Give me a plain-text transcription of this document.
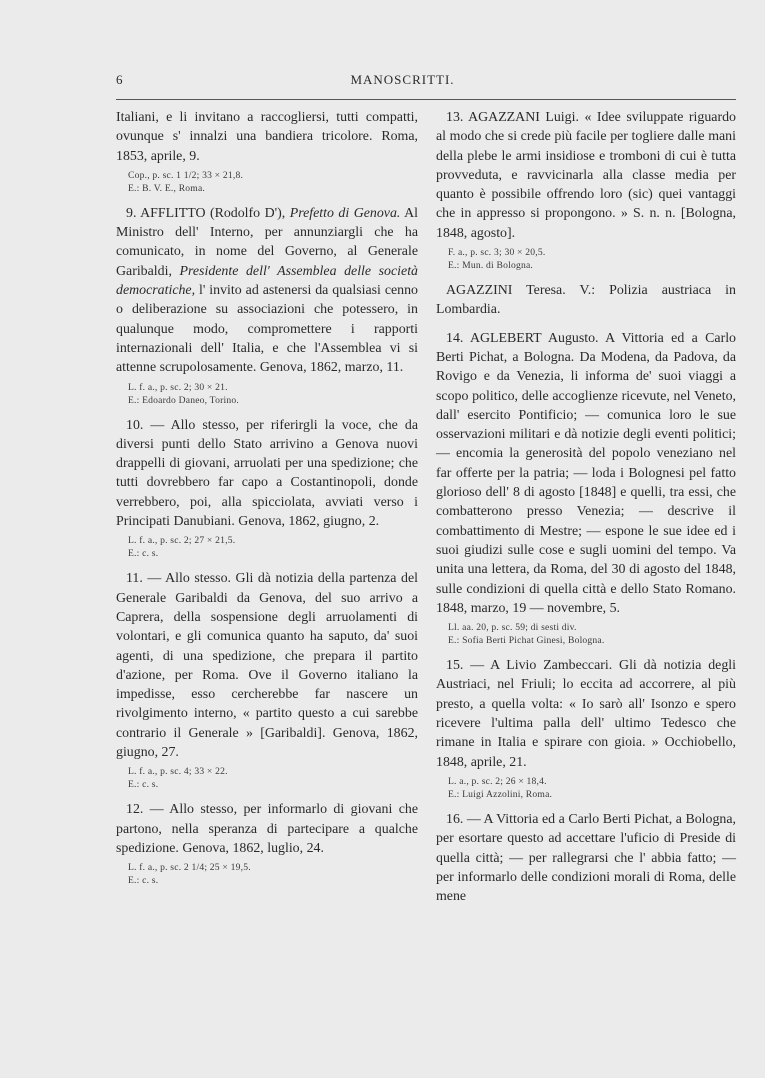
6	MANOSCRITTI.

Italiani, e li invitano a raccogliersi, tutti compatti, ovunque s' innalzi una bandiera tricolore. Roma, 1853, aprile, 9.

Cop., p. sc. 1 1/2; 33 × 21,8.
E.: B. V. E., Roma.

9. AFFLITTO (Rodolfo D'), Prefetto di Genova. Al Ministro dell' Interno, per annunziargli che ha comunicato, in nome del Governo, al Generale Garibaldi, Presidente dell' Assemblea delle società democratiche, l' invito ad astenersi da qualsiasi cenno o deliberazione su associazioni che potessero, in qualunque modo, compromettere i rapporti internazionali dell' Italia, e che l'Assemblea vi si attenne scrupolosamente. Genova, 1862, marzo, 11.

L. f. a., p. sc. 2; 30 × 21.
E.: Edoardo Daneo, Torino.

10. — Allo stesso, per riferirgli la voce, che da diversi punti dello Stato arrivino a Genova nuovi drappelli di giovani, arruolati per una spedizione; che tutti dovrebbero far capo a Costantinopoli, donde verrebbero, poi, alla spicciolata, avviati verso i Principati Danubiani. Genova, 1862, giugno, 2.

L. f. a., p. sc. 2; 27 × 21,5.
E.: c. s.

11. — Allo stesso. Gli dà notizia della partenza del Generale Garibaldi da Genova, del suo arrivo a Caprera, della sospensione degli arruolamenti di volontari, e gli comunica quanto ha saputo, da' suoi agenti, di una spedizione, che prepara il partito d'azione, per Roma. Ove il Governo italiano la impedisse, esso cercherebbe far nascere un rivolgimento interno, « partito questo a cui sarebbe contrario il Generale » [Garibaldi]. Genova, 1862, giugno, 27.

L. f. a., p. sc. 4; 33 × 22.
E.: c. s.

12. — Allo stesso, per informarlo di giovani che partono, nella speranza di partecipare a qualche spedizione. Genova, 1862, luglio, 24.

L. f. a., p. sc. 2 1/4; 25 × 19,5.
E.: c. s.

13. AGAZZANI Luigi. « Idee sviluppate riguardo al modo che si crede più facile per togliere dalle mani della plebe le armi insidiose e tromboni di cui è tutta provveduta, e ravvicinarla alla classe media per quanto è possibile offrendo loro (sic) quei vantaggi che in appresso si propongono. » S. n. n. [Bologna, 1848, agosto].

F. a., p. sc. 3; 30 × 20,5.
E.: Mun. di Bologna.

AGAZZINI Teresa. V.: Polizia austriaca in Lombardia.

14. AGLEBERT Augusto. A Vittoria ed a Carlo Berti Pichat, a Bologna. Da Modena, da Padova, da Rovigo e da Venezia, li informa de' suoi viaggi a scopo politico, delle accoglienze ricevute, nel Veneto, dall' esercito Pontificio; — comunica loro le sue osservazioni militari e dà notizie degli eventi politici; — encomia la generosità del popolo veneziano nel far offerte per la patria; — loda i Bolognesi pel fatto glorioso dell' 8 di agosto [1848] e quelli, tra essi, che combatterono presso Venezia; — descrive il combattimento di Mestre; — espone le sue idee ed i suoi giudizi sulle cose e sugli uomini del tempo. Va unita una lettera, da Roma, del 30 di agosto del 1848, sulle condizioni di quella città e dello Stato Romano. 1848, marzo, 19 — novembre, 5.

Ll. aa. 20, p. sc. 59; di sesti div.
E.: Sofia Berti Pichat Ginesi, Bologna.

15. — A Livio Zambeccari. Gli dà notizia degli Austriaci, nel Friuli; lo eccita ad accorrere, al più presto, a quella volta: « Io sarò all' Isonzo e spero ricevere l'ultima palla dell' ultimo Tedesco che rimane in Italia e spirare con gioia. » Occhiobello, 1848, aprile, 21.

L. a., p. sc. 2; 26 × 18,4.
E.: Luigi Azzolini, Roma.

16. — A Vittoria ed a Carlo Berti Pichat, a Bologna, per esortare questo ad accettare l'uficio di Preside di quella città; — per rallegrarsi che l' abbia fatto; — per informarlo delle condizioni morali di Roma, delle mene
